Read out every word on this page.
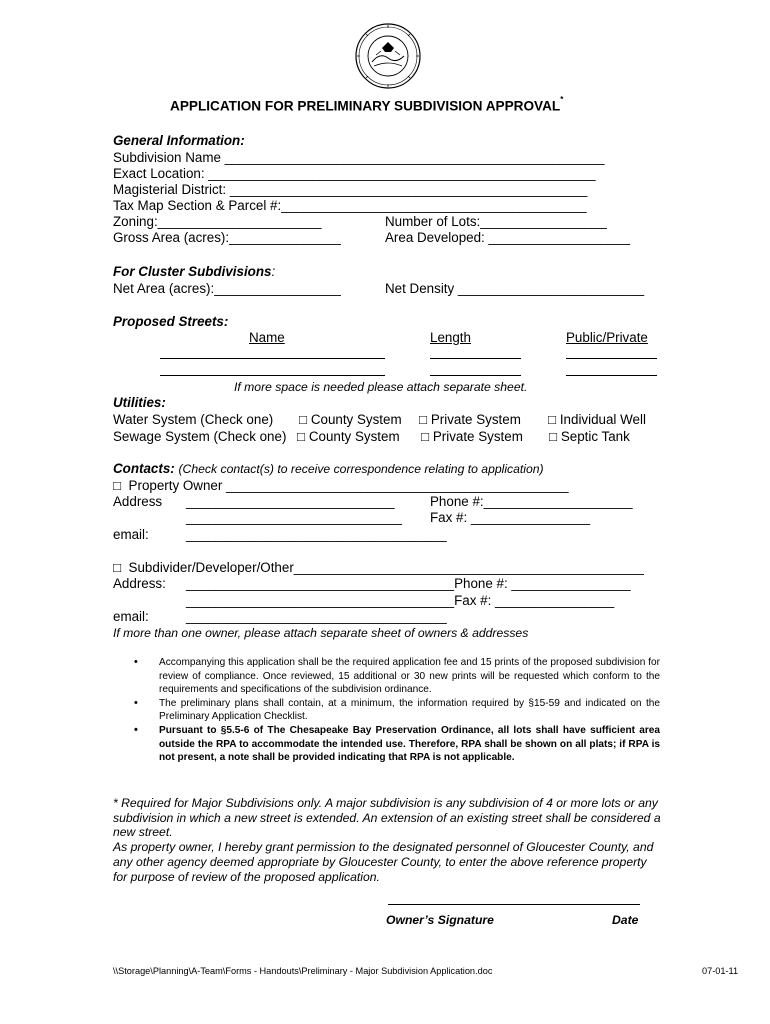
APPLICATION FOR PRELIMINARY SUBDIVISION APPROVAL*
General Information:
Subdivision Name ___________________________________________________
Exact Location: ____________________________________________________
Magisterial District: ________________________________________________
Tax Map Section & Parcel #:_________________________________________
Zoning:______________________	Number of Lots:_________________
Gross Area (acres):_______________	Area Developed: ___________________
For Cluster Subdivisions:
Net Area (acres):_________________	Net Density _________________________
Proposed Streets:
Name	Length	Public/Private
If more space is needed please attach separate sheet.
Utilities:
Water System (Check one) □ County System □ Private System □ Individual Well
Sewage System (Check one) □ County System □ Private System □ Septic Tank
Contacts: (Check contact(s) to receive correspondence relating to application)
□ Property Owner ______________________________________________
Address ____________________________	Phone #:____________________
_____________________________ Fax #: ________________
email:	___________________________________
□ Subdivider/Developer/Other_______________________________________________
Address: ____________________________________Phone #: ________________
____________________________________Fax #: ________________
email:	___________________________________
If more than one owner, please attach separate sheet of owners & addresses
• Accompanying this application shall be the required application fee and 15 prints of the proposed subdivision for review of compliance. Once reviewed, 15 additional or 30 new prints will be requested which conform to the requirements and specifications of the subdivision ordinance.
• The preliminary plans shall contain, at a minimum, the information required by §15-59 and indicated on the Preliminary Application Checklist.
• Pursuant to §5.5-6 of The Chesapeake Bay Preservation Ordinance, all lots shall have sufficient area outside the RPA to accommodate the intended use. Therefore, RPA shall be shown on all plats; if RPA is not present, a note shall be provided indicating that RPA is not applicable.
* Required for Major Subdivisions only. A major subdivision is any subdivision of 4 or more lots or any subdivision in which a new street is extended. An extension of an existing street shall be considered a new street.
As property owner, I hereby grant permission to the designated personnel of Gloucester County, and any other agency deemed appropriate by Gloucester County, to enter the above reference property for purpose of review of the proposed application.
Owner’s Signature	Date
\\Storage\Planning\A-Team\Forms - Handouts\Preliminary - Major Subdivision Application.doc	07-01-11
